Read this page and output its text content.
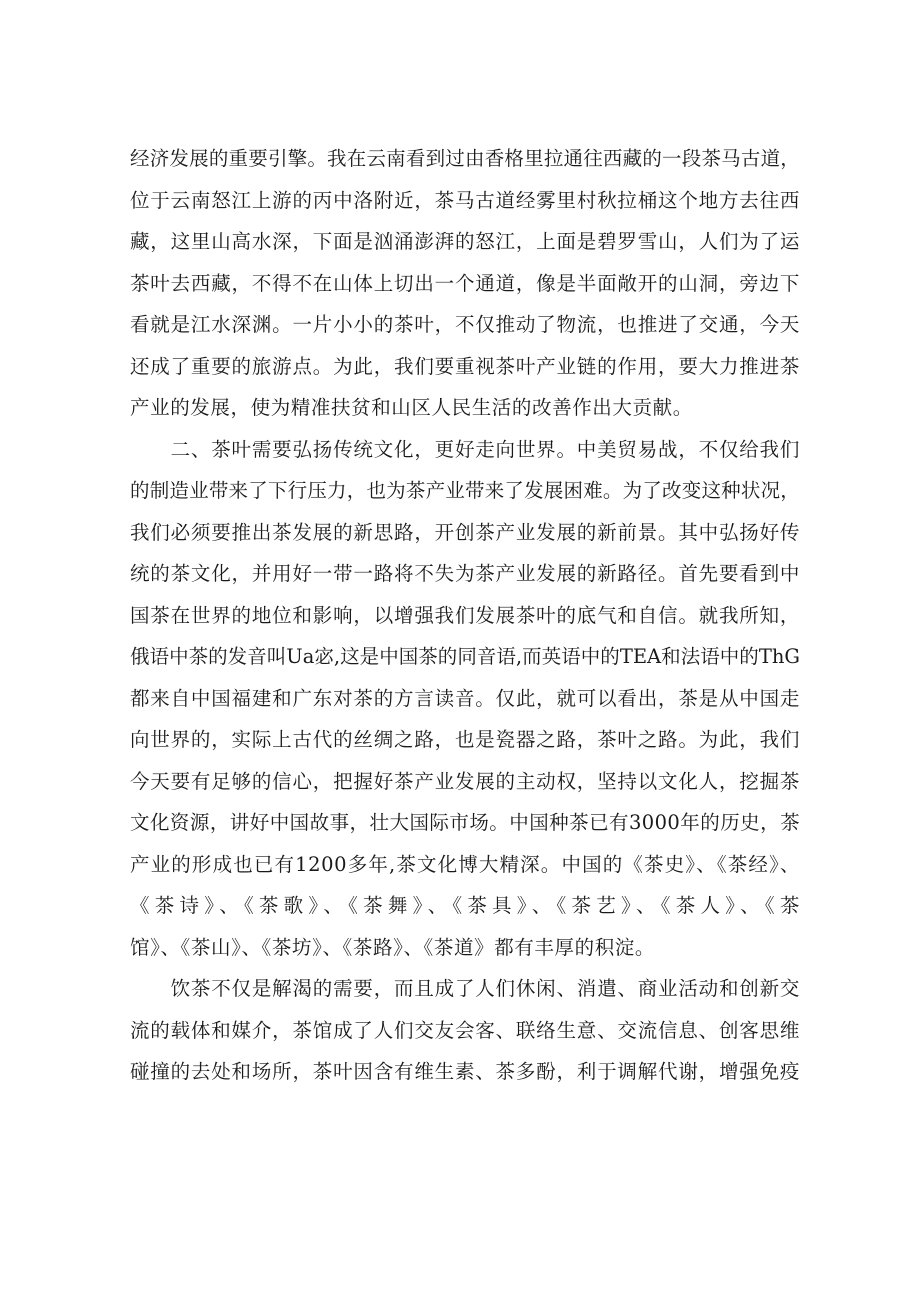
经济发展的重要引擎。我在云南看到过由香格里拉通往西藏的一段茶马古道，
位于云南怒江上游的丙中洛附近，茶马古道经雾里村秋拉桶这个地方去往西
藏，这里山高水深，下面是汹涌澎湃的怒江，上面是碧罗雪山，人们为了运
茶叶去西藏，不得不在山体上切出一个通道，像是半面敞开的山洞，旁边下
看就是江水深渊。一片小小的茶叶，不仅推动了物流，也推进了交通，今天
还成了重要的旅游点。为此，我们要重视茶叶产业链的作用，要大力推进茶
产业的发展，使为精准扶贫和山区人民生活的改善作出大贡献。
　　二、茶叶需要弘扬传统文化，更好走向世界。中美贸易战，不仅给我们
的制造业带来了下行压力，也为茶产业带来了发展困难。为了改变这种状况，
我们必须要推出茶发展的新思路，开创茶产业发展的新前景。其中弘扬好传
统的茶文化，并用好一带一路将不失为茶产业发展的新路径。首先要看到中
国茶在世界的地位和影响，以增强我们发展茶叶的底气和自信。就我所知，
俄语中茶的发音叫Ua宓,这是中国茶的同音语,而英语中的TEA和法语中的ThG
都来自中国福建和广东对茶的方言读音。仅此，就可以看出，茶是从中国走
向世界的，实际上古代的丝绸之路，也是瓷器之路，茶叶之路。为此，我们
今天要有足够的信心，把握好茶产业发展的主动权，坚持以文化人，挖掘茶
文化资源，讲好中国故事，壮大国际市场。中国种茶已有3000年的历史，茶
产业的形成也已有1200多年,茶文化博大精深。中国的《茶史》、《茶经》、
《茶诗》、《茶歌》、《茶舞》、《茶具》、《茶艺》、《茶人》、《茶
馆》、《茶山》、《茶坊》、《茶路》、《茶道》都有丰厚的积淀。
　　饮茶不仅是解渴的需要，而且成了人们休闲、消遣、商业活动和创新交
流的载体和媒介，茶馆成了人们交友会客、联络生意、交流信息、创客思维
碰撞的去处和场所，茶叶因含有维生素、茶多酚，利于调解代谢，增强免疫
